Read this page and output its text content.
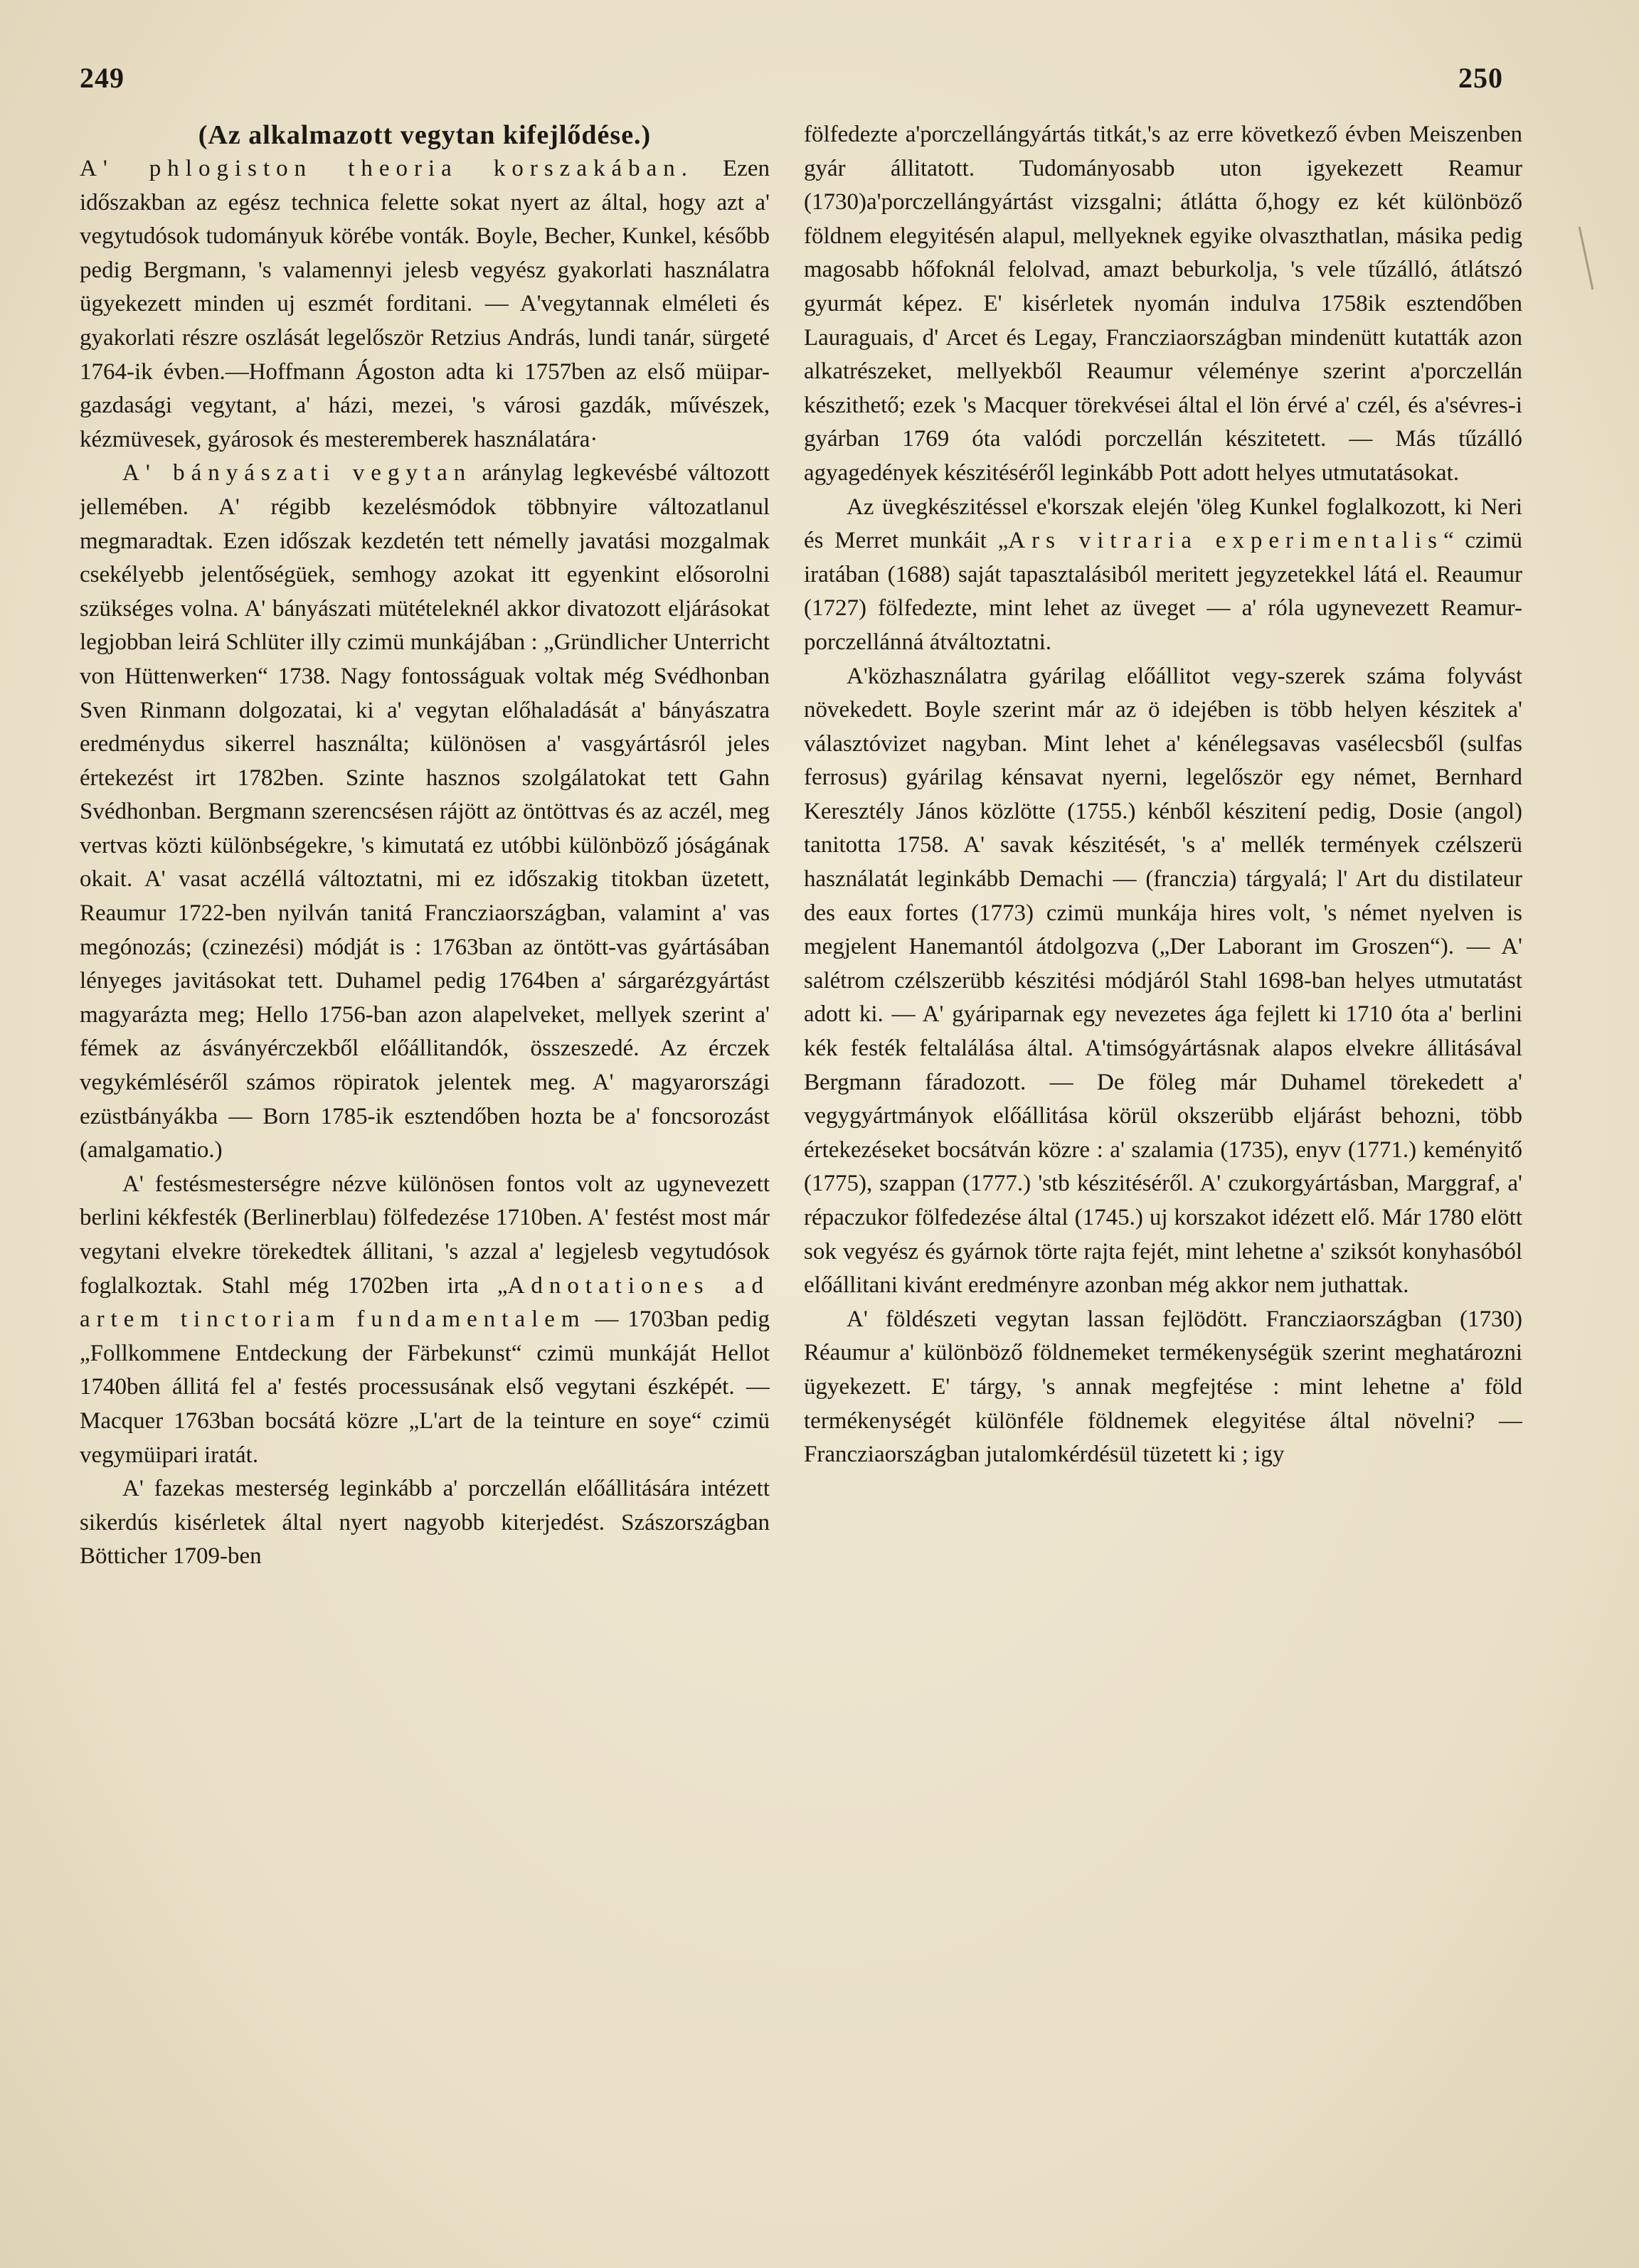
249	250
(Az alkalmazott vegytan kifejlődése.)

A' phlogiston theoria korszakában. Ezen időszakban az egész technica felette sokat nyert az által, hogy azt a' vegytudósok tudományuk körébe vonták. Boyle, Becher, Kunkel, később pedig Bergmann, 's valamennyi jelesb vegyész gyakorlati használatra ügyekezett minden uj eszmét forditani. — A'vegytannak elméleti és gyakorlati részre oszlását legelőször Retzius András, lundi tanár, sürgeté 1764-ik évben.—Hoffmann Ágoston adta ki 1757ben az első müipar-gazdasági vegytant, a' házi, mezei, 's városi gazdák, művészek, kézmüvesek, gyárosok és mesteremberek használatára·

A' bányászati vegytan aránylag legkevésbé változott jellemében. A' régibb kezelésmódok többnyire változatlanul megmaradtak. Ezen időszak kezdetén tett némelly javatási mozgalmak csekélyebb jelentőségüek, semhogy azokat itt egyenkint elősorolni szükséges volna. A' bányászati mütételeknél akkor divatozott eljárásokat legjobban leirá Schlüter illy czimü munkájában : „Gründlicher Unterricht von Hüttenwerken“ 1738. Nagy fontosságuak voltak még Svédhonban Sven Rinmann dolgozatai, ki a' vegytan előhaladását a' bányászatra eredménydus sikerrel használta; különösen a' vasgyártásról jeles értekezést irt 1782ben. Szinte hasznos szolgálatokat tett Gahn Svédhonban. Bergmann szerencsésen rájött az öntöttvas és az aczél, meg vertvas közti különbségekre, 's kimutatá ez utóbbi különböző jóságának okait. A' vasat aczéllá változtatni, mi ez időszakig titokban üzetett, Reaumur 1722-ben nyilván tanitá Francziaországban, valamint a' vas megónozás; (czinezési) módját is : 1763ban az öntött-vas gyártásában lényeges javitásokat tett. Duhamel pedig 1764ben a' sárgarézgyártást magyarázta meg; Hello 1756-ban azon alapelveket, mellyek szerint a' fémek az ásványérczekből előállitandók, összeszedé. Az érczek vegykémléséről számos röpiratok jelentek meg. A' magyarországi ezüstbányákba — Born 1785-ik esztendőben hozta be a' foncsorozást (amalgamatio.)

A' festésmesterségre nézve különösen fontos volt az ugynevezett berlini kékfesték (Berlinerblau) fölfedezése 1710ben. A' festést most már vegytani elvekre törekedtek állitani, 's azzal a' legjelesb vegytudósok foglalkoztak. Stahl még 1702ben irta „Adnotationes ad artem tinctoriam fundamentalem — 1703ban pedig „Follkommene Entdeckung der Färbekunst“ czimü munkáját Hellot 1740ben állitá fel a' festés processusának első vegytani észképét. — Macquer 1763ban bocsátá közre „L'art de la teinture en soye“ czimü vegymüipari iratát.

A' fazekas mesterség leginkább a' porczellán előállitására intézett sikerdús kisérletek által nyert nagyobb kiterjedést. Szászországban Bötticher 1709-ben

fölfedezte a'porczellángyártás titkát,'s az erre következő évben Meiszenben gyár állitatott. Tudományosabb uton igyekezett Reamur (1730)a'porczellángyártást vizsgalni; átlátta ő,hogy ez két különböző földnem elegyitésén alapul, mellyeknek egyike olvaszthatlan, másika pedig magosabb hőfoknál felolvad, amazt beburkolja, 's vele tűzálló, átlátszó gyurmát képez. E' kisérletek nyomán indulva 1758ik esztendőben Lauraguais, d' Arcet és Legay, Francziaországban mindenütt kutatták azon alkatrészeket, mellyekből Reaumur véleménye szerint a'porczellán készithető; ezek 's Macquer törekvései által el lön érvé a' czél, és a'sévres-i gyárban 1769 óta valódi porczellán készitetett. — Más tűzálló agyagedények készitéséről leginkább Pott adott helyes utmutatásokat.

Az üvegkészitéssel e'korszak elején 'öleg Kunkel foglalkozott, ki Neri és Merret munkáit „Ars vitraria experimentalis“ czimü iratában (1688) saját tapasztalásiból meritett jegyzetekkel látá el. Reaumur (1727) fölfedezte, mint lehet az üveget — a' róla ugynevezett Reamur-porczellánná átváltoztatni.

A'közhasználatra gyárilag előállitot vegy-szerek száma folyvást növekedett. Boyle szerint már az ö idejében is több helyen készitek a' választóvizet nagyban. Mint lehet a' kénélegsavas vasélecsből (sulfas ferrosus) gyárilag kénsavat nyerni, legelőször egy német, Bernhard Keresztély János közlötte (1755.) kénből készitení pedig, Dosie (angol) tanitotta 1758. A' savak készitését, 's a' mellék termények czélszerü használatát leginkább Demachi — (franczia) tárgyalá; l' Art du distilateur des eaux fortes (1773) czimü munkája hires volt, 's német nyelven is megjelent Hanemantól átdolgozva („Der Laborant im Groszen“). — A' salétrom czélszerübb készitési módjáról Stahl 1698-ban helyes utmutatást adott ki. — A' gyáriparnak egy nevezetes ága fejlett ki 1710 óta a' berlini kék festék feltalálása által. A'timsógyártásnak alapos elvekre állitásával Bergmann fáradozott. — De föleg már Duhamel törekedett a' vegygyártmányok előállitása körül okszerübb eljárást behozni, több értekezéseket bocsátván közre : a' szalamia (1735), enyv (1771.) keményitő (1775), szappan (1777.) 'stb készitéséről. A' czukorgyártásban, Marggraf, a' répaczukor fölfedezése által (1745.) uj korszakot idézett elő. Már 1780 elött sok vegyész és gyárnok törte rajta fejét, mint lehetne a' sziksót konyhasóból előállitani kivánt eredményre azonban még akkor nem juthattak.

A' földészeti vegytan lassan fejlödött. Francziaországban (1730) Réaumur a' különböző földnemeket termékenységük szerint meghatározni ügyekezett. E' tárgy, 's annak megfejtése : mint lehetne a' föld termékenységét különféle földnemek elegyitése által növelni? — Francziaországban jutalomkérdésül tüzetett ki ; igy
